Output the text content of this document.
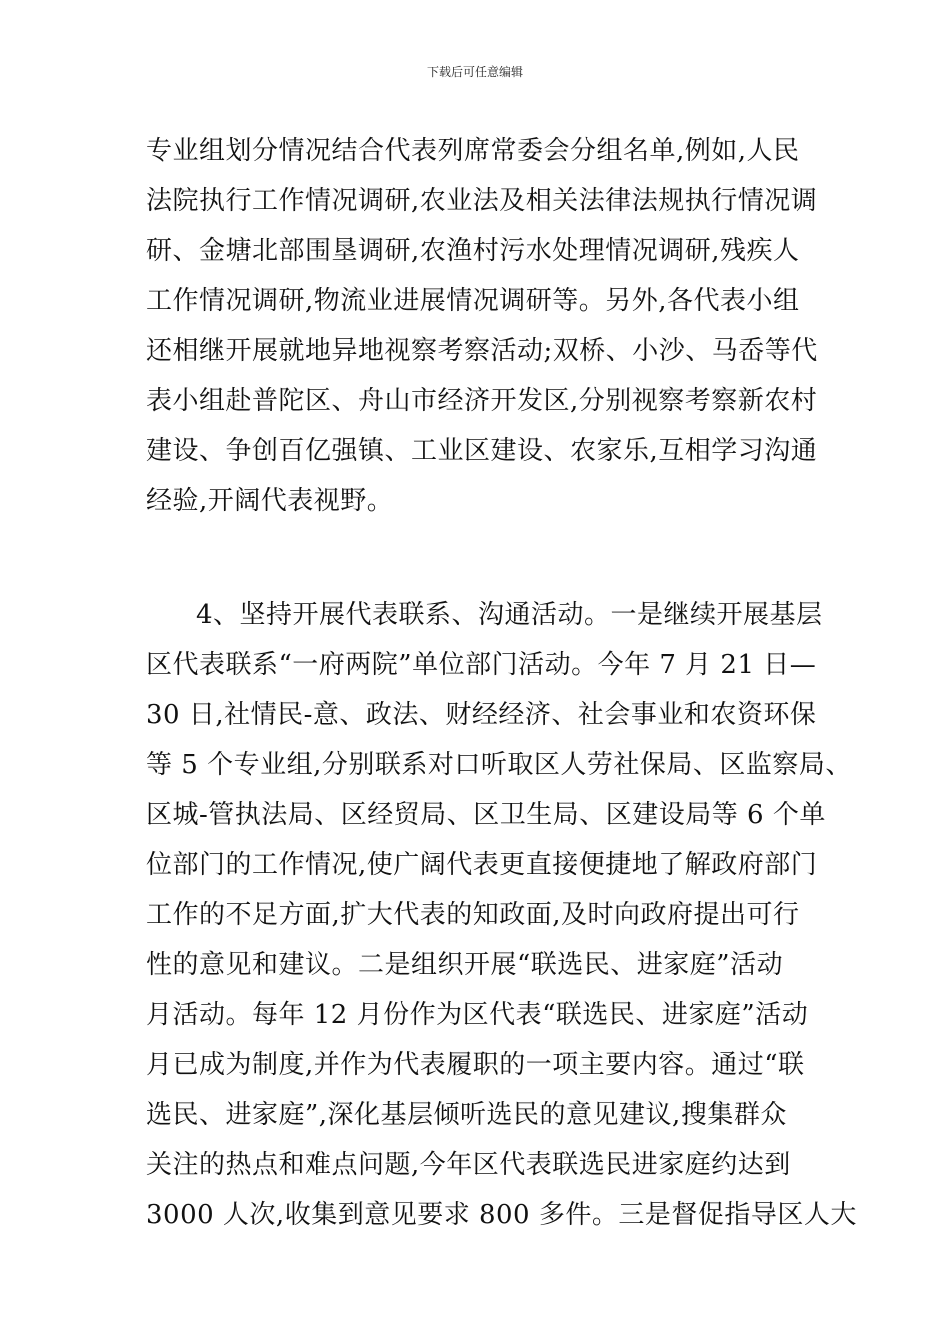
下载后可任意编辑
专业组划分情况结合代表列席常委会分组名单,例如,人民
法院执行工作情况调研,农业法及相关法律法规执行情况调
研、金塘北部围垦调研,农渔村污水处理情况调研,残疾人
工作情况调研,物流业进展情况调研等。另外,各代表小组
还相继开展就地异地视察考察活动;双桥、小沙、马岙等代
表小组赴普陀区、舟山市经济开发区,分别视察考察新农村
建设、争创百亿强镇、工业区建设、农家乐,互相学习沟通
经验,开阔代表视野。
4、坚持开展代表联系、沟通活动。一是继续开展基层
区代表联系“一府两院”单位部门活动。今年 7 月 21 日—
30 日,社情民-意、政法、财经经济、社会事业和农资环保
等 5 个专业组,分别联系对口听取区人劳社保局、区监察局、
区城-管执法局、区经贸局、区卫生局、区建设局等 6 个单
位部门的工作情况,使广阔代表更直接便捷地了解政府部门
工作的不足方面,扩大代表的知政面,及时向政府提出可行
性的意见和建议。二是组织开展“联选民、进家庭”活动
月活动。每年 12 月份作为区代表“联选民、进家庭”活动
月已成为制度,并作为代表履职的一项主要内容。通过“联
选民、进家庭”,深化基层倾听选民的意见建议,搜集群众
关注的热点和难点问题,今年区代表联选民进家庭约达到
3000 人次,收集到意见要求 800 多件。三是督促指导区人大
